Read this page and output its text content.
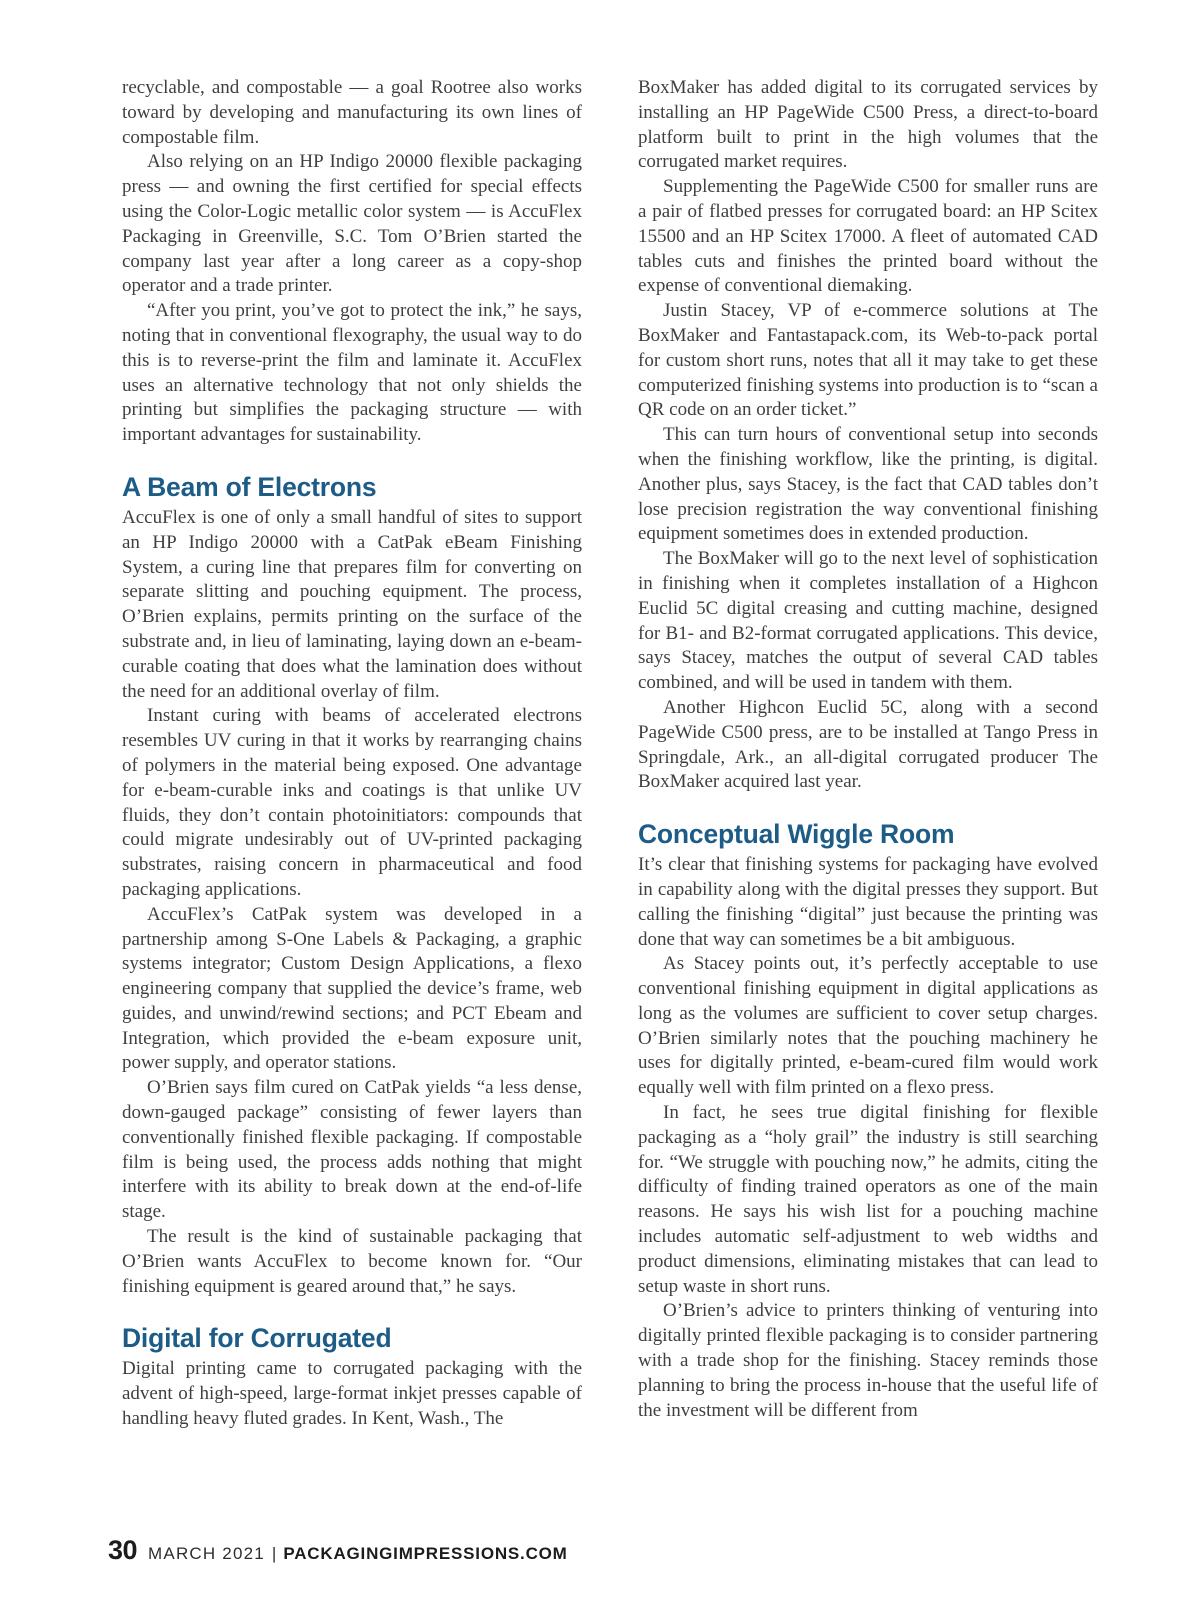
recyclable, and compostable — a goal Rootree also works toward by developing and manufacturing its own lines of compostable film.

Also relying on an HP Indigo 20000 flexible packaging press — and owning the first certified for special effects using the Color-Logic metallic color system — is AccuFlex Packaging in Greenville, S.C. Tom O’Brien started the company last year after a long career as a copy-shop operator and a trade printer.

“After you print, you’ve got to protect the ink,” he says, noting that in conventional flexography, the usual way to do this is to reverse-print the film and laminate it. AccuFlex uses an alternative technology that not only shields the printing but simplifies the packaging structure — with important advantages for sustainability.

A Beam of Electrons

AccuFlex is one of only a small handful of sites to support an HP Indigo 20000 with a CatPak eBeam Finishing System, a curing line that prepares film for converting on separate slitting and pouching equipment. The process, O’Brien explains, permits printing on the surface of the substrate and, in lieu of laminating, laying down an e-beam-curable coating that does what the lamination does without the need for an additional overlay of film.

Instant curing with beams of accelerated electrons resembles UV curing in that it works by rearranging chains of polymers in the material being exposed. One advantage for e-beam-curable inks and coatings is that unlike UV fluids, they don’t contain photoinitiators: compounds that could migrate undesirably out of UV-printed packaging substrates, raising concern in pharmaceutical and food packaging applications.

AccuFlex’s CatPak system was developed in a partnership among S-One Labels & Packaging, a graphic systems integrator; Custom Design Applications, a flexo engineering company that supplied the device’s frame, web guides, and unwind/rewind sections; and PCT Ebeam and Integration, which provided the e-beam exposure unit, power supply, and operator stations.

O’Brien says film cured on CatPak yields “a less dense, down-gauged package” consisting of fewer layers than conventionally finished flexible packaging. If compostable film is being used, the process adds nothing that might interfere with its ability to break down at the end-of-life stage.

The result is the kind of sustainable packaging that O’Brien wants AccuFlex to become known for. “Our finishing equipment is geared around that,” he says.

Digital for Corrugated

Digital printing came to corrugated packaging with the advent of high-speed, large-format inkjet presses capable of handling heavy fluted grades. In Kent, Wash., The

BoxMaker has added digital to its corrugated services by installing an HP PageWide C500 Press, a direct-to-board platform built to print in the high volumes that the corrugated market requires.

Supplementing the PageWide C500 for smaller runs are a pair of flatbed presses for corrugated board: an HP Scitex 15500 and an HP Scitex 17000. A fleet of automated CAD tables cuts and finishes the printed board without the expense of conventional diemaking.

Justin Stacey, VP of e-commerce solutions at The BoxMaker and Fantastapack.com, its Web-to-pack portal for custom short runs, notes that all it may take to get these computerized finishing systems into production is to “scan a QR code on an order ticket.”

This can turn hours of conventional setup into seconds when the finishing workflow, like the printing, is digital. Another plus, says Stacey, is the fact that CAD tables don’t lose precision registration the way conventional finishing equipment sometimes does in extended production.

The BoxMaker will go to the next level of sophistication in finishing when it completes installation of a Highcon Euclid 5C digital creasing and cutting machine, designed for B1- and B2-format corrugated applications. This device, says Stacey, matches the output of several CAD tables combined, and will be used in tandem with them.

Another Highcon Euclid 5C, along with a second PageWide C500 press, are to be installed at Tango Press in Springdale, Ark., an all-digital corrugated producer The BoxMaker acquired last year.

Conceptual Wiggle Room

It’s clear that finishing systems for packaging have evolved in capability along with the digital presses they support. But calling the finishing “digital” just because the printing was done that way can sometimes be a bit ambiguous.

As Stacey points out, it’s perfectly acceptable to use conventional finishing equipment in digital applications as long as the volumes are sufficient to cover setup charges. O’Brien similarly notes that the pouching machinery he uses for digitally printed, e-beam-cured film would work equally well with film printed on a flexo press.

In fact, he sees true digital finishing for flexible packaging as a “holy grail” the industry is still searching for. “We struggle with pouching now,” he admits, citing the difficulty of finding trained operators as one of the main reasons. He says his wish list for a pouching machine includes automatic self-adjustment to web widths and product dimensions, eliminating mistakes that can lead to setup waste in short runs.

O’Brien’s advice to printers thinking of venturing into digitally printed flexible packaging is to consider partnering with a trade shop for the finishing. Stacey reminds those planning to bring the process in-house that the useful life of the investment will be different from

30 MARCH 2021 | PACKAGINGIMPRESSIONS.COM
